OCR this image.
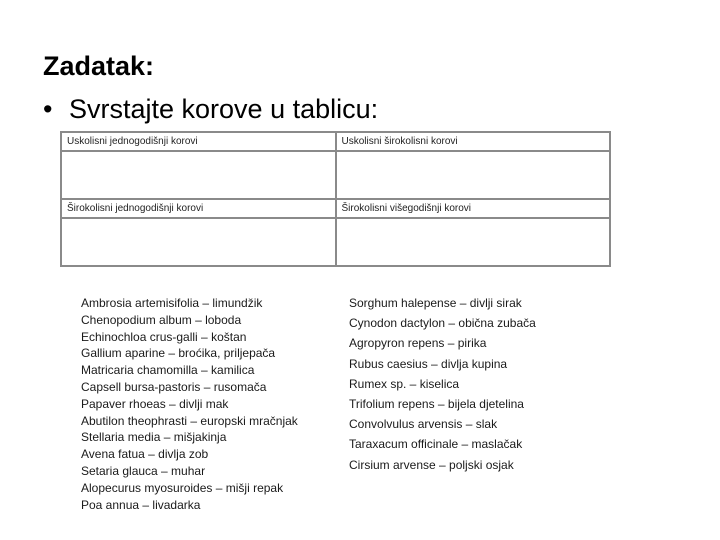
Zadatak:
• Svrstajte korove u tablicu:
Uskolisni jednogodišnji korovi	Uskolisni širokolisni korovi

Širokolisni jednogodišnji korovi	Širokolisni višegodišnji korovi

Ambrosia artemisifolia – limundžik
Chenopodium album – loboda
Echinochloa crus-galli – koštan
Gallium aparine – broćika, priljepača
Matricaria chamomilla – kamilica
Capsell bursa-pastoris – rusomača
Papaver rhoeas – divlji mak
Abutilon theophrasti – europski mračnjak
Stellaria media – mišjakinja
Avena fatua – divlja zob
Setaria glauca – muhar
Alopecurus myosuroides – mišji repak
Poa annua – livadarka
Sorghum halepense – divlji sirak
Cynodon dactylon – obična zubača
Agropyron repens – pirika
Rubus caesius – divlja kupina
Rumex sp. – kiselica
Trifolium repens – bijela djetelina
Convolvulus arvensis – slak
Taraxacum officinale – maslačak
Cirsium arvense – poljski osjak
